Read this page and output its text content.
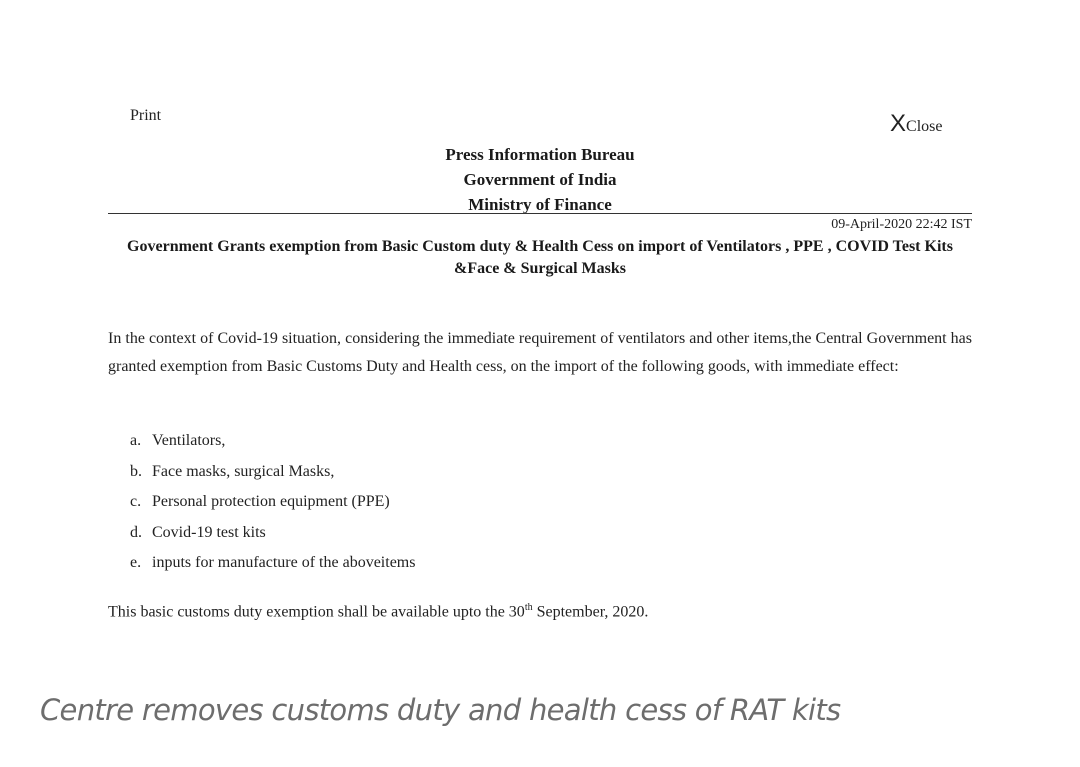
Print	XClose
Press Information Bureau
Government of India
Ministry of Finance
09-April-2020 22:42 IST
Government Grants exemption from Basic Custom duty & Health Cess on import of Ventilators , PPE , COVID Test Kits &Face & Surgical Masks
In the context of Covid-19 situation, considering the immediate requirement of ventilators and other items,the Central Government has granted exemption from Basic Customs Duty and Health cess, on the import of the following goods, with immediate effect:
a. Ventilators,
b. Face masks, surgical Masks,
c. Personal protection equipment (PPE)
d. Covid-19 test kits
e. inputs for manufacture of the aboveitems
This basic customs duty exemption shall be available upto the 30th September, 2020.
Centre removes customs duty and health cess of RAT kits
